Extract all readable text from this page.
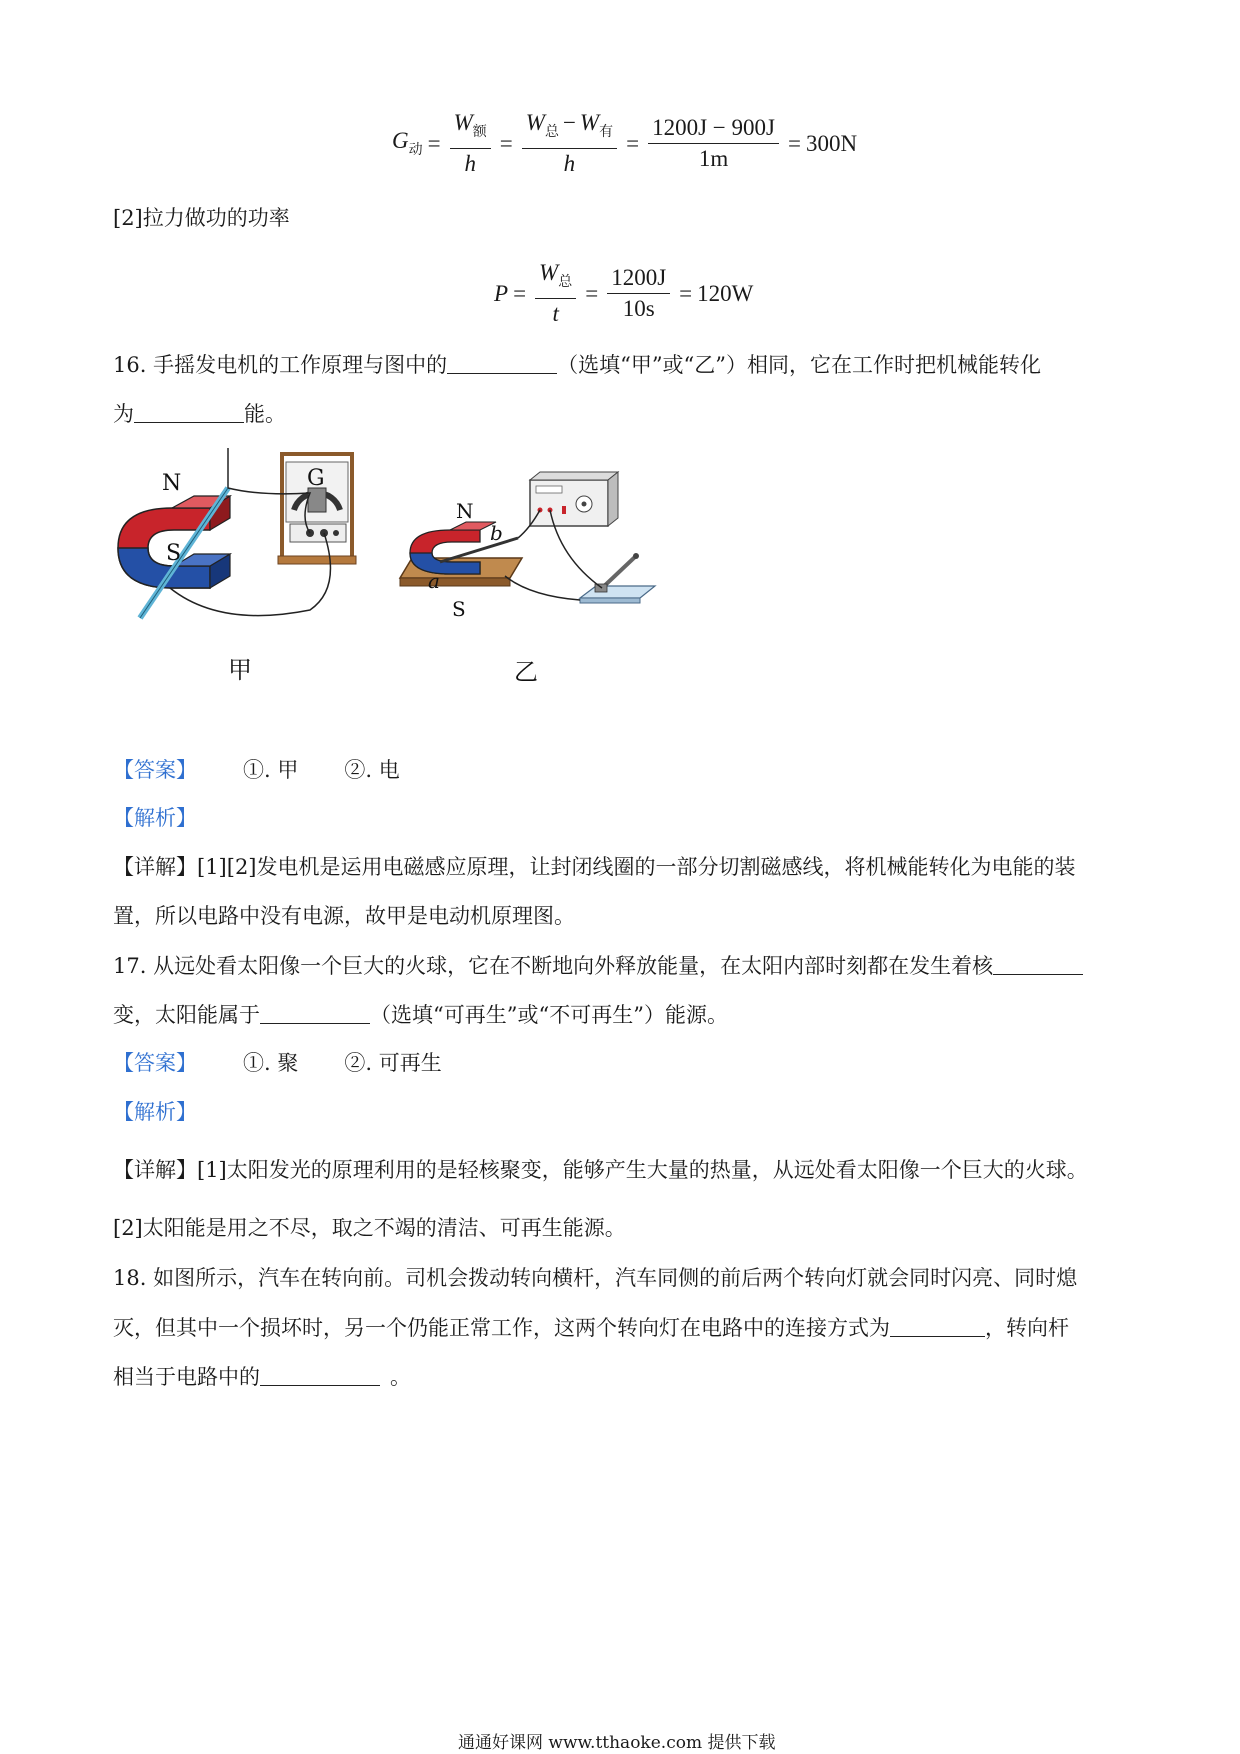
$G_动 = \frac{W_额}{h} = \frac{W_总 - W_有}{h} = \frac{1200J - 900J}{1m} = 300N$
[2]拉力做功的功率
$P = \frac{W_总}{t} = \frac{1200J}{10s} = 120W$
16. 手摇发电机的工作原理与图中的	（选填“甲”或“乙”）相同，它在工作时把机械能转化
为	能。
N
S
G
甲
N
S
b
a
乙
【答案】 ①. 甲 ②. 电
【解析】
【详解】[1][2]发电机是运用电磁感应原理，让封闭线圈的一部分切割磁感线，将机械能转化为电能的装
置，所以电路中没有电源，故甲是电动机原理图。
17. 从远处看太阳像一个巨大的火球，它在不断地向外释放能量，在太阳内部时刻都在发生着核
变，太阳能属于	（选填“可再生”或“不可再生”）能源。
【答案】 ①. 聚 ②. 可再生
【解析】
【详解】[1]太阳发光的原理利用的是轻核聚变，能够产生大量的热量，从远处看太阳像一个巨大的火球。
[2]太阳能是用之不尽，取之不竭的清洁、可再生能源。
18. 如图所示，汽车在转向前。司机会拨动转向横杆，汽车同侧的前后两个转向灯就会同时闪亮、同时熄
灭，但其中一个损坏时，另一个仍能正常工作，这两个转向灯在电路中的连接方式为	，转向杆
相当于电路中的	。
通通好课网 www.tthaoke.com 提供下载
